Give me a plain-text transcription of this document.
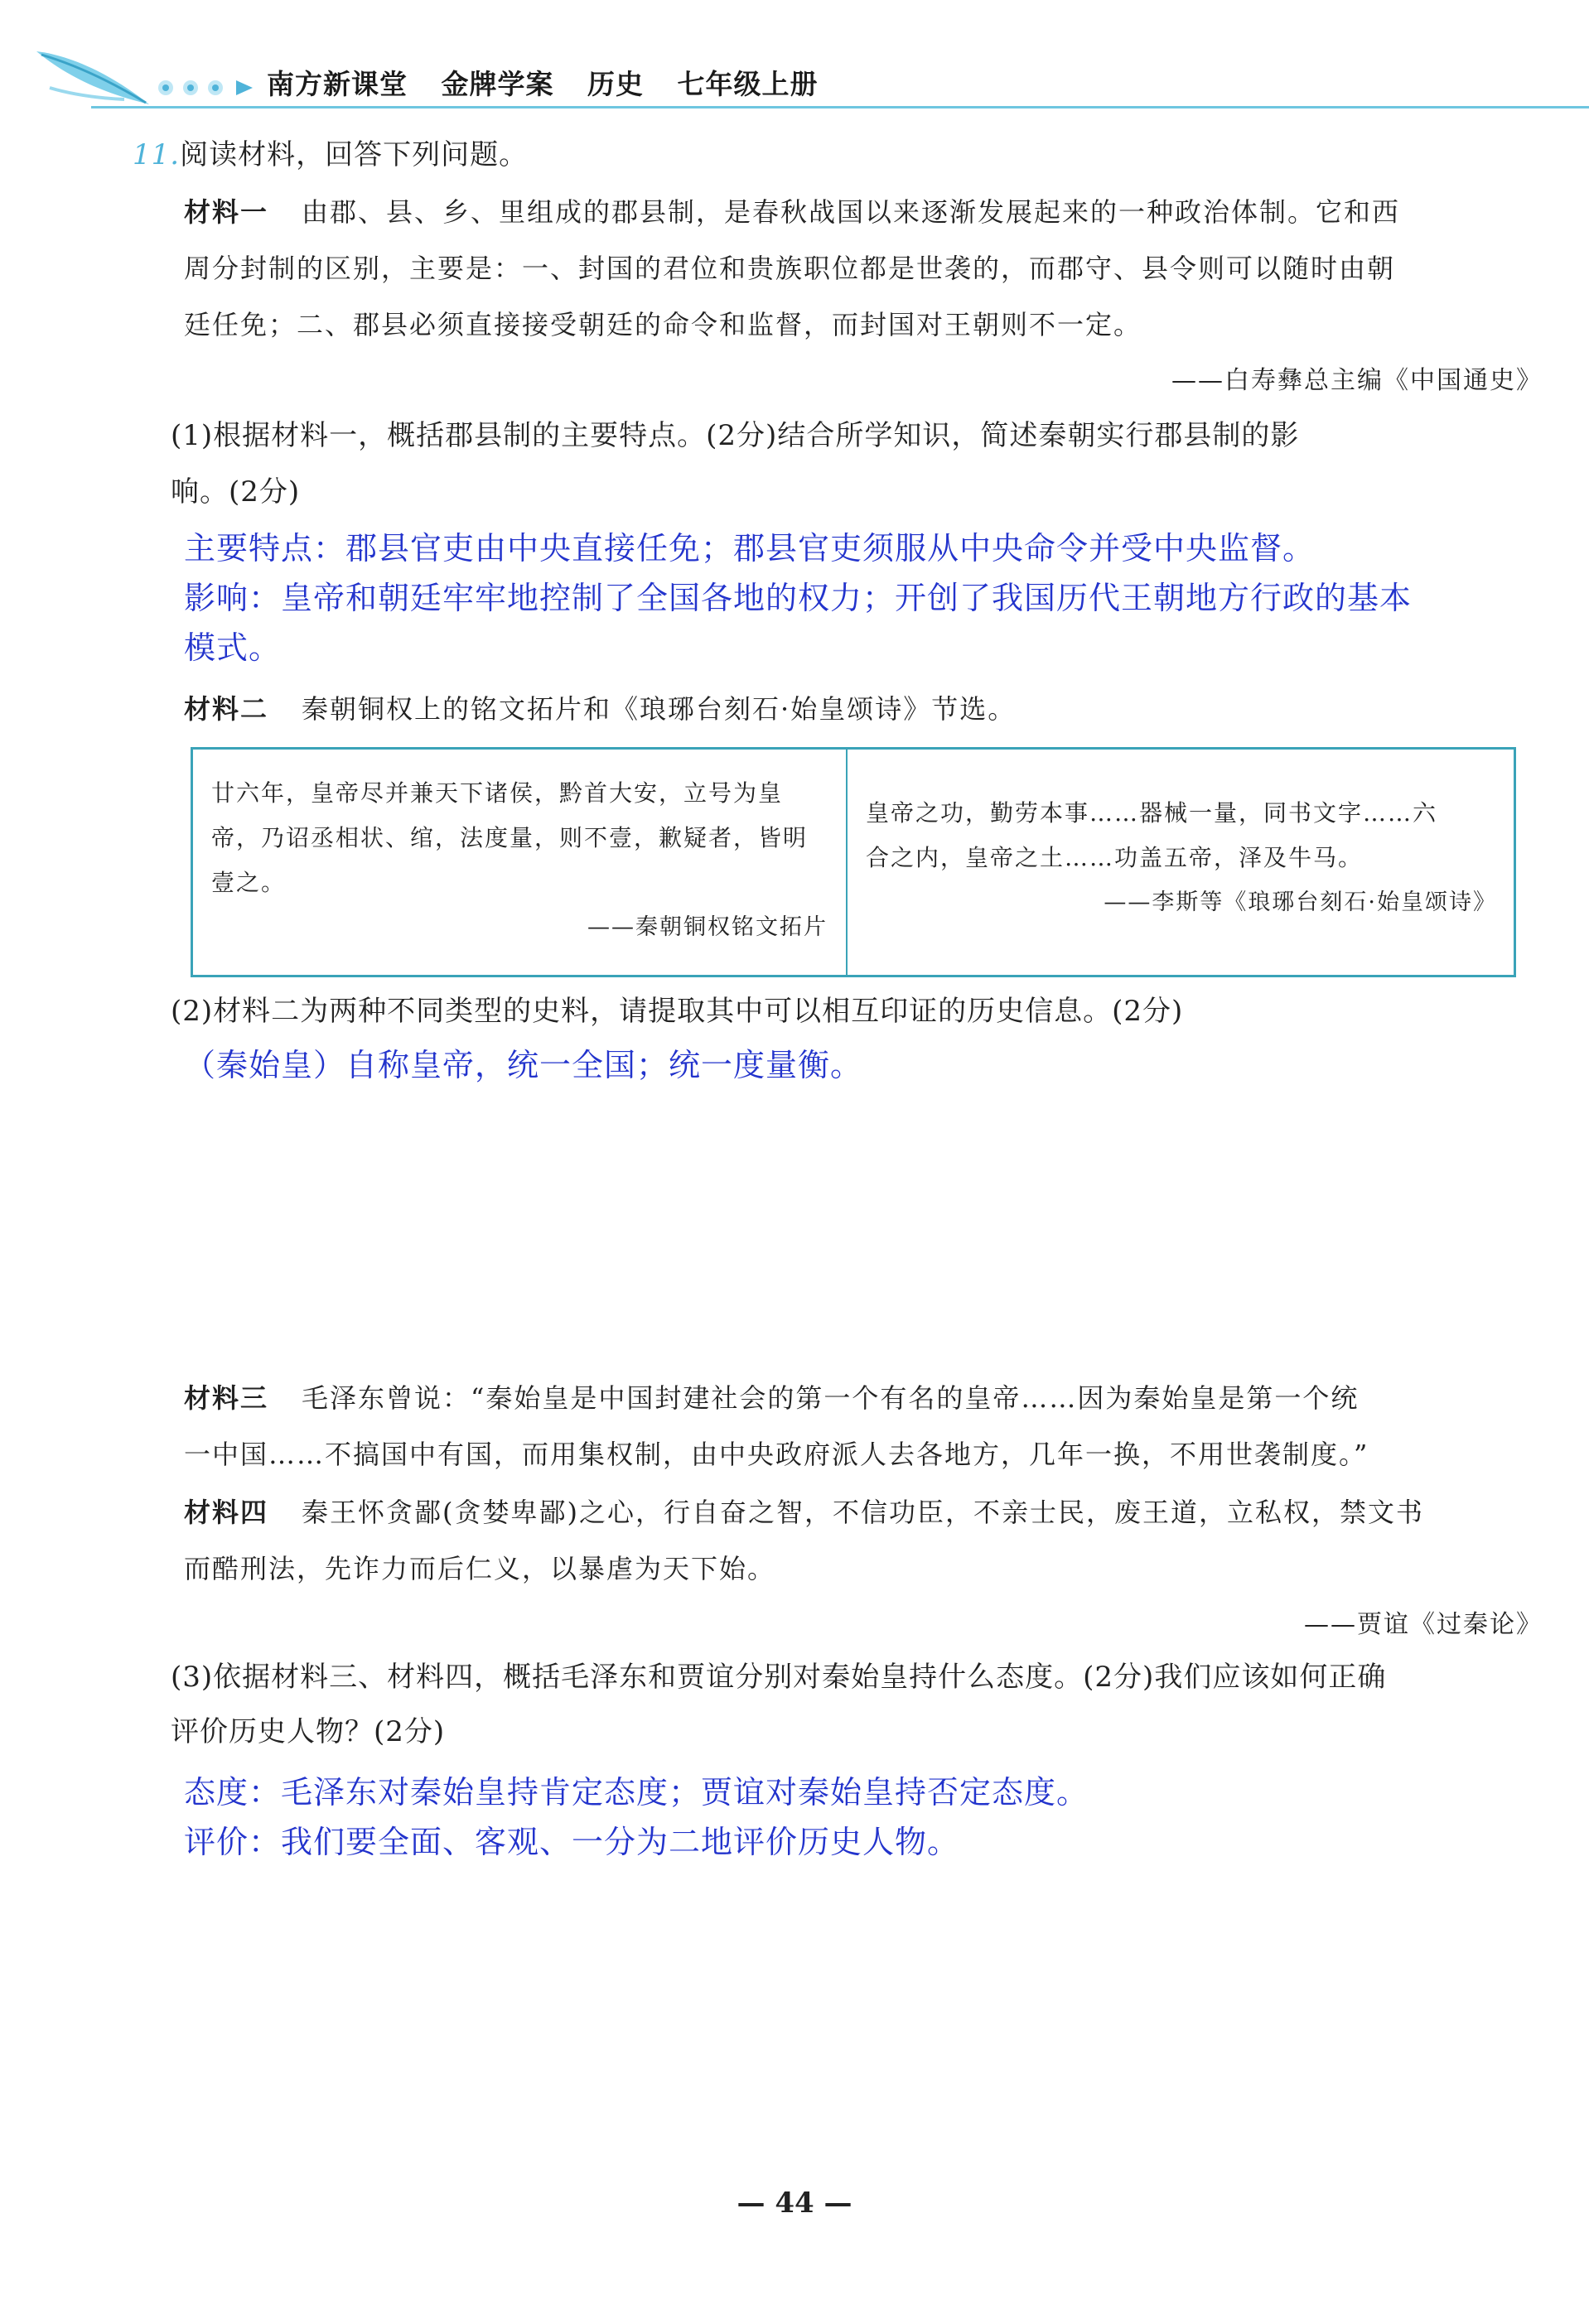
南方新课堂 金牌学案 历史 七年级上册
11.阅读材料，回答下列问题。

材料一 由郡、县、乡、里组成的郡县制，是春秋战国以来逐渐发展起来的一种政治体制。它和西

周分封制的区别，主要是：一、封国的君位和贵族职位都是世袭的，而郡守、县令则可以随时由朝

廷任免；二、郡县必须直接接受朝廷的命令和监督，而封国对王朝则不一定。

——白寿彝总主编《中国通史》

(1)根据材料一，概括郡县制的主要特点。(2分)结合所学知识，简述秦朝实行郡县制的影
响。(2分)
主要特点：郡县官吏由中央直接任免；郡县官吏须服从中央命令并受中央监督。
影响：皇帝和朝廷牢牢地控制了全国各地的权力；开创了我国历代王朝地方行政的基本
模式。

材料二 秦朝铜权上的铭文拓片和《琅琊台刻石·始皇颂诗》节选。

廿六年，皇帝尽并兼天下诸侯，黔首大安，立号为皇
帝，乃诏丞相状、绾，法度量，则不壹，歉疑者，皆明
壹之。
——秦朝铜权铭文拓片
皇帝之功，勤劳本事……器械一量，同书文字……六
合之内，皇帝之土……功盖五帝，泽及牛马。
——李斯等《琅琊台刻石·始皇颂诗》
(2)材料二为两种不同类型的史料，请提取其中可以相互印证的历史信息。(2分)
（秦始皇）自称皇帝，统一全国；统一度量衡。

材料三 毛泽东曾说：“秦始皇是中国封建社会的第一个有名的皇帝……因为秦始皇是第一个统

一中国……不搞国中有国，而用集权制，由中央政府派人去各地方，几年一换，不用世袭制度。”

材料四 秦王怀贪鄙(贪婪卑鄙)之心，行自奋之智，不信功臣，不亲士民，废王道，立私权，禁文书

而酷刑法，先诈力而后仁义，以暴虐为天下始。

——贾谊《过秦论》

(3)依据材料三、材料四，概括毛泽东和贾谊分别对秦始皇持什么态度。(2分)我们应该如何正确
评价历史人物？(2分)
态度：毛泽东对秦始皇持肯定态度；贾谊对秦始皇持否定态度。
评价：我们要全面、客观、一分为二地评价历史人物。
— 44 —
